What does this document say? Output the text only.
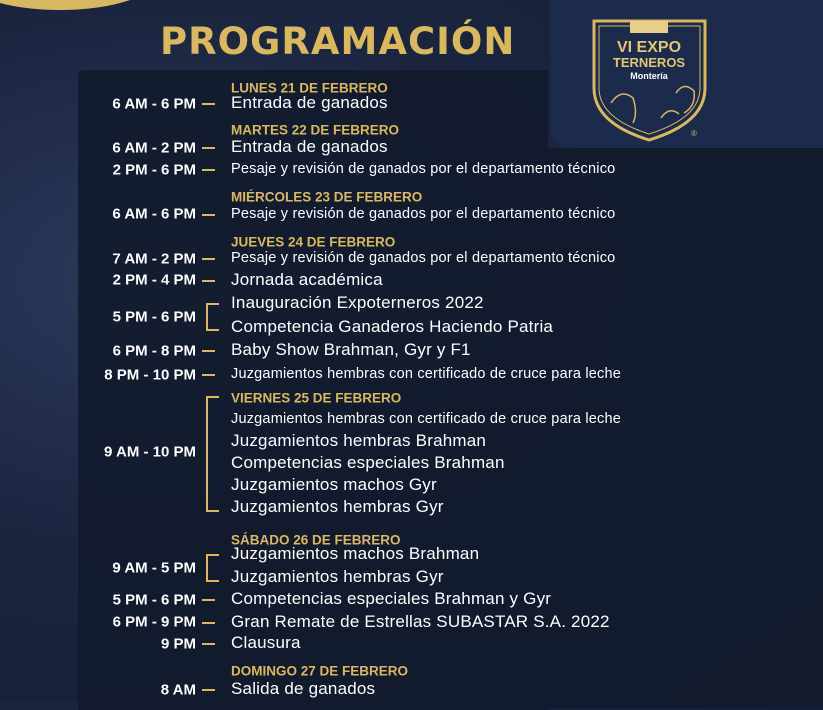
PROGRAMACIÓN	VI EXPO
TERNEROS
Montería
®
LUNES 21 DE FEBRERO
6 AM - 6 PM Entrada de ganados
MARTES 22 DE FEBRERO
6 AM - 2 PM Entrada de ganados
2 PM - 6 PM Pesaje y revisión de ganados por el departamento técnico
MIÉRCOLES 23 DE FEBRERO
6 AM - 6 PM Pesaje y revisión de ganados por el departamento técnico
JUEVES 24 DE FEBRERO
7 AM - 2 PM Pesaje y revisión de ganados por el departamento técnico
2 PM - 4 PM Jornada académica
5 PM - 6 PM
Inauguración Expoterneros 2022
Competencia Ganaderos Haciendo Patria
6 PM - 8 PM Baby Show Brahman, Gyr y F1
8 PM - 10 PM Juzgamientos hembras con certificado de cruce para leche
VIERNES 25 DE FEBRERO
9 AM - 10 PM
Juzgamientos hembras con certificado de cruce para leche
Juzgamientos hembras Brahman
Competencias especiales Brahman
Juzgamientos machos Gyr
Juzgamientos hembras Gyr
SÁBADO 26 DE FEBRERO
9 AM - 5 PM
Juzgamientos machos Brahman
Juzgamientos hembras Gyr
5 PM - 6 PM Competencias especiales Brahman y Gyr
6 PM - 9 PM Gran Remate de Estrellas SUBASTAR S.A. 2022
9 PM Clausura
DOMINGO 27 DE FEBRERO
8 AM Salida de ganados
